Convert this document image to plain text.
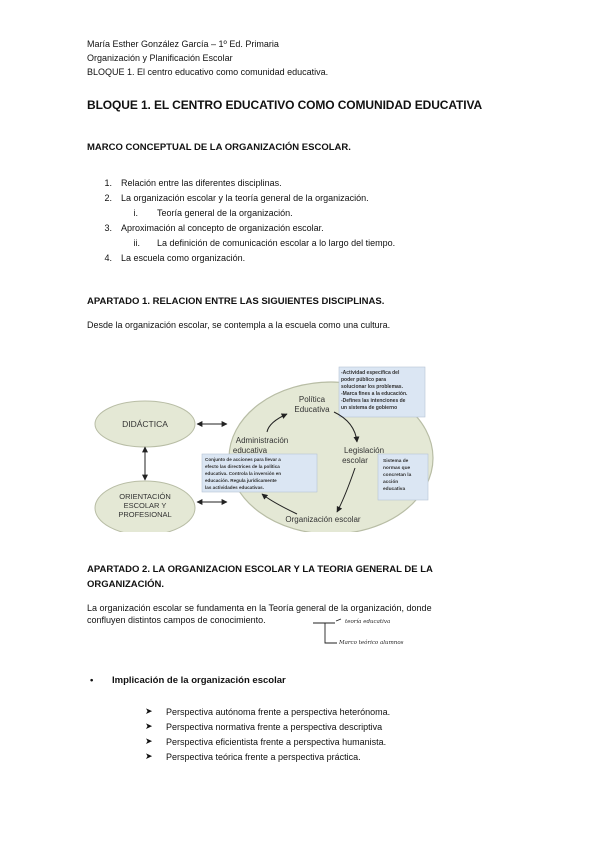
María Esther González García – 1º Ed. Primaria
Organización y Planificación Escolar
BLOQUE 1. El centro educativo como comunidad educativa.
BLOQUE 1. EL CENTRO EDUCATIVO COMO COMUNIDAD EDUCATIVA
MARCO CONCEPTUAL DE LA ORGANIZACIÓN ESCOLAR.
1. Relación entre las diferentes disciplinas.
2. La organización escolar y la teoría general de la organización.
i. Teoría general de la organización.
3. Aproximación al concepto de organización escolar.
ii. La definición de comunicación escolar a lo largo del tiempo.
4. La escuela como organización.
APARTADO 1. RELACION ENTRE LAS SIGUIENTES DISCIPLINAS.
Desde la organización escolar, se contempla a la escuela como una cultura.
DIDÁCTICA
ORIENTACIÓN
ESCOLAR Y
PROFESIONAL
-Actividad específica del
poder público para
solucionar los problemas.
-Marca fines a la educación.
-Defines las intenciones de
un sistema de gobierno
Conjunto de acciones para llevar a
efecto las directrices de la política
educativa. Controla la inversión en
educación. Regula jurídicamente
las actividades educativas.
Sistema de
normas que
concretan la
acción
educativa
Política
Educativa
Administración
educativa	Legislación
escolar
Organización escolar
APARTADO 2. LA ORGANIZACION ESCOLAR Y LA TEORIA GENERAL DE LA
ORGANIZACIÓN.
La organización escolar se fundamenta en la Teoría general de la organización, donde
confluyen distintos campos de conocimiento.	teoría educativa
Marco teórico alumnos
• Implicación de la organización escolar
➤	Perspectiva autónoma frente a perspectiva heterónoma.
➤	Perspectiva normativa frente a perspectiva descriptiva
➤	Perspectiva eficientista frente a perspectiva humanista.
➤	Perspectiva teórica frente a perspectiva práctica.
